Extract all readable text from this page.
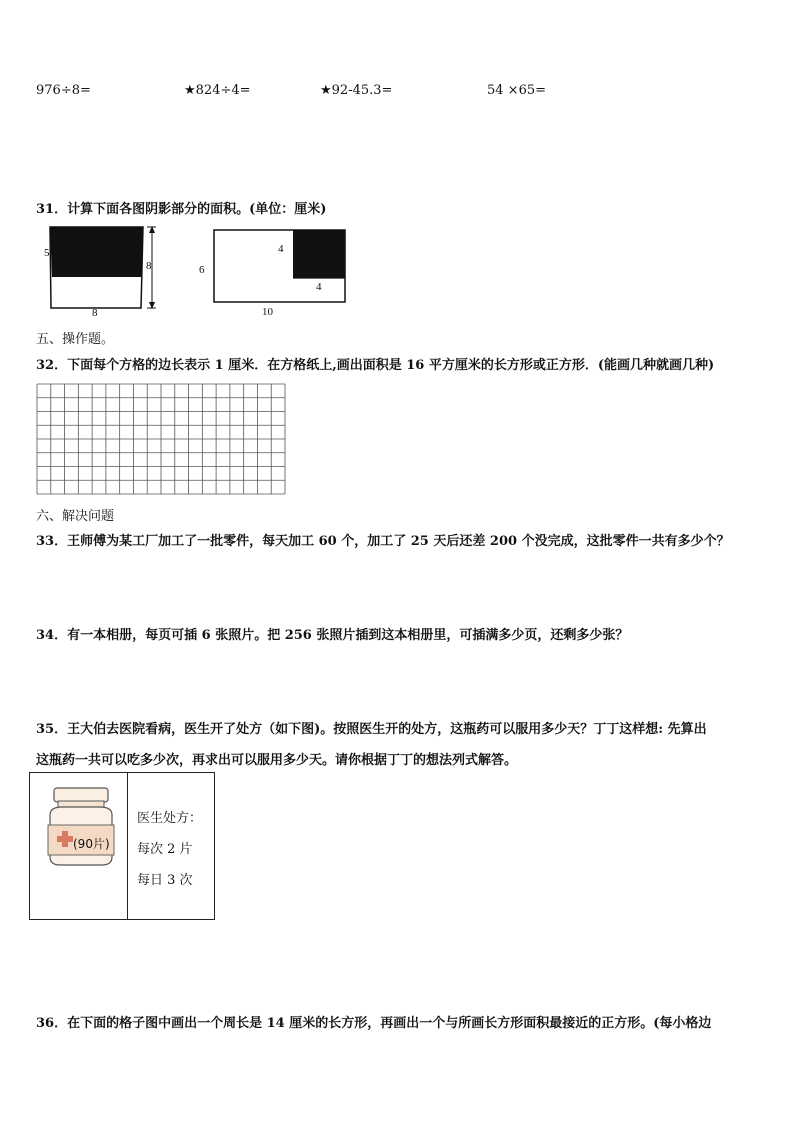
976÷8=	★824÷4=	★92-45.3=	54 ×65=
31．计算下面各图阴影部分的面积。(单位：厘米)
5
8
8
6
4
4
10
五、操作题。
32．下面每个方格的边长表示 1 厘米．在方格纸上,画出面积是 16 平方厘米的长方形或正方形．(能画几种就画几种)
六、解决问题
33．王师傅为某工厂加工了一批零件，每天加工 60 个，加工了 25 天后还差 200 个没完成，这批零件一共有多少个？
34．有一本相册，每页可插 6 张照片。把 256 张照片插到这本相册里，可插满多少页，还剩多少张？
35．王大伯去医院看病，医生开了处方（如下图)。按照医生开的处方，这瓶药可以服用多少天？丁丁这样想: 先算出
这瓶药一共可以吃多少次，再求出可以服用多少天。请你根据丁丁的想法列式解答。
(90片)
医生处方：
每次 2 片
每日 3 次
36．在下面的格子图中画出一个周长是 14 厘米的长方形，再画出一个与所画长方形面积最接近的正方形。(每小格边
